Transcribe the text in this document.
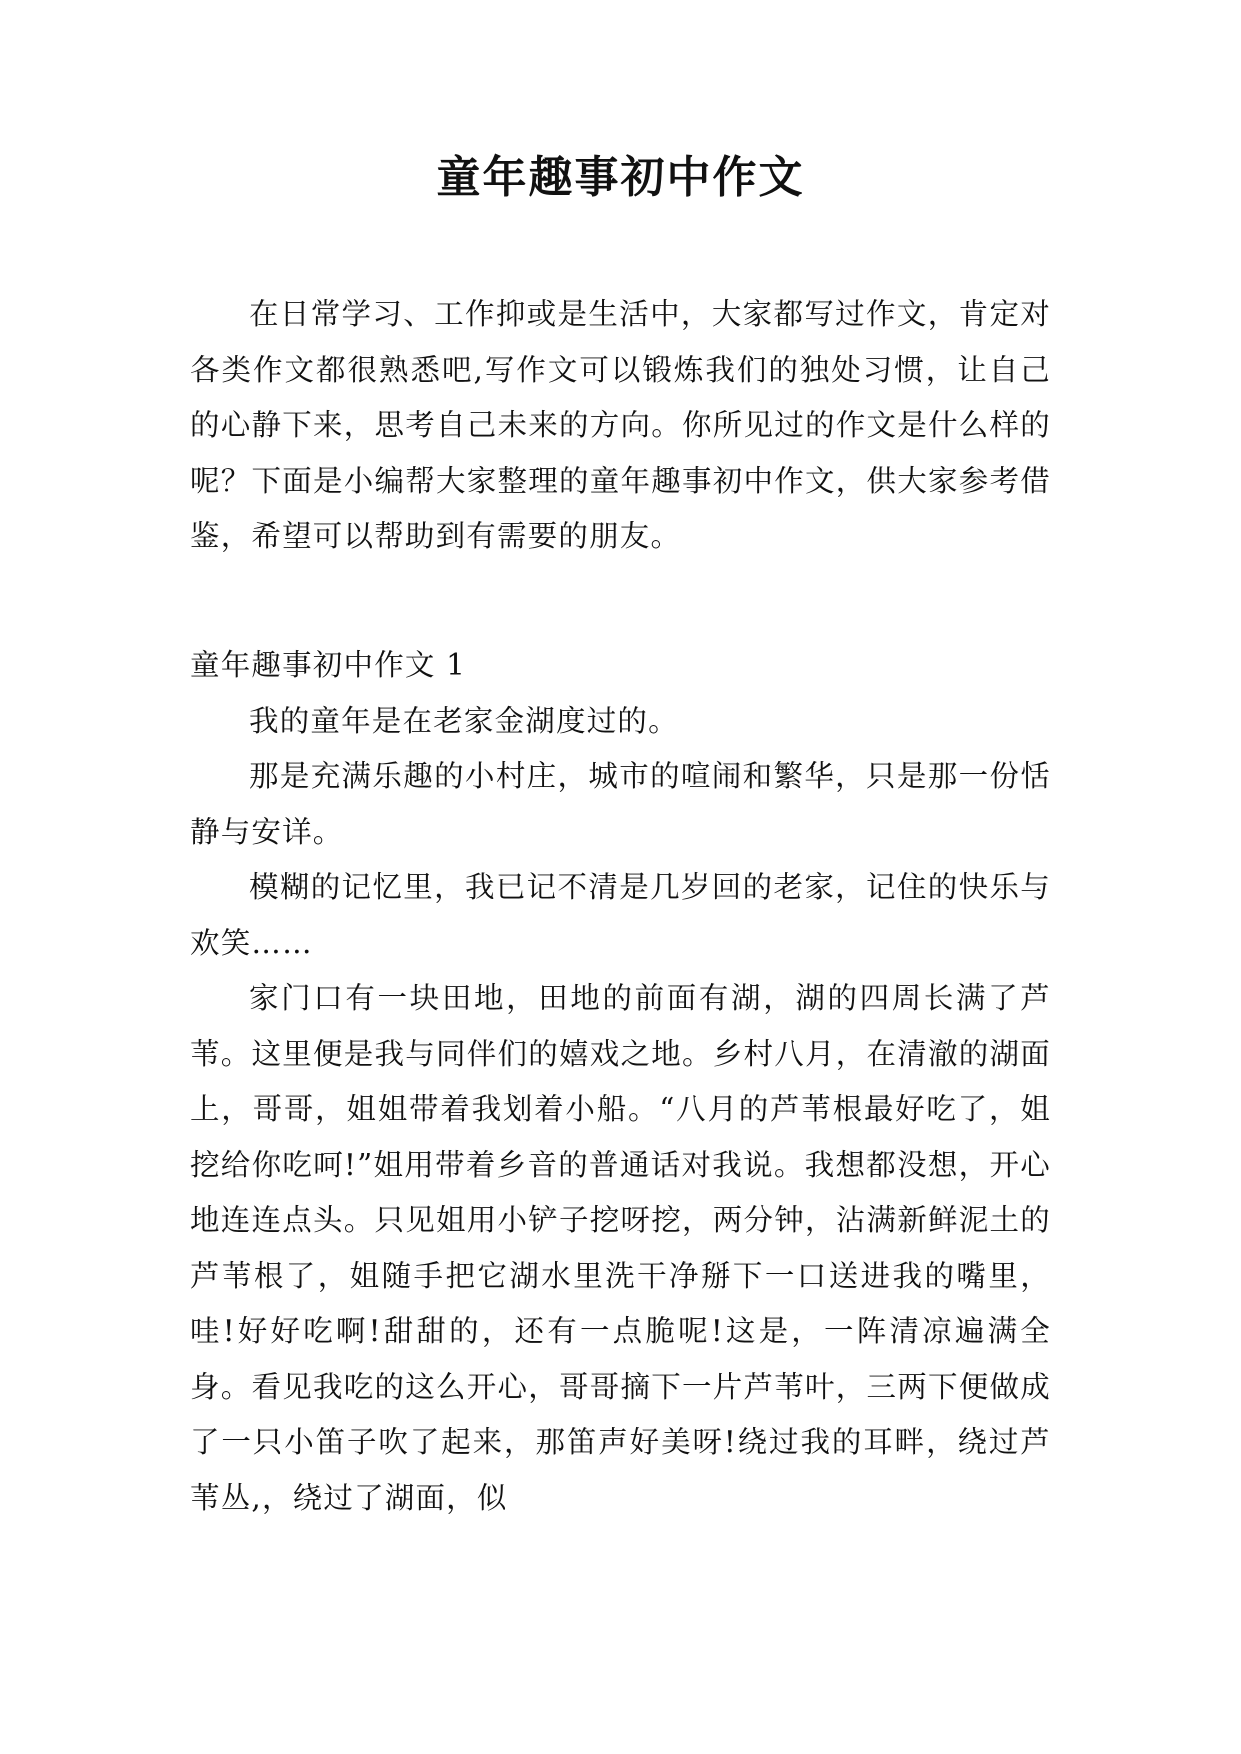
童年趣事初中作文

在日常学习、工作抑或是生活中，大家都写过作文，肯定对各类作文都很熟悉吧,写作文可以锻炼我们的独处习惯，让自己的心静下来，思考自己未来的方向。你所见过的作文是什么样的呢？下面是小编帮大家整理的童年趣事初中作文，供大家参考借鉴，希望可以帮助到有需要的朋友。

童年趣事初中作文 1

我的童年是在老家金湖度过的。

那是充满乐趣的小村庄，城市的喧闹和繁华，只是那一份恬静与安详。

模糊的记忆里，我已记不清是几岁回的老家，记住的快乐与欢笑……

家门口有一块田地，田地的前面有湖，湖的四周长满了芦苇。这里便是我与同伴们的嬉戏之地。乡村八月，在清澈的湖面上，哥哥，姐姐带着我划着小船。“八月的芦苇根最好吃了，姐挖给你吃呵!”姐用带着乡音的普通话对我说。我想都没想，开心地连连点头。只见姐用小铲子挖呀挖，两分钟，沾满新鲜泥土的芦苇根了，姐随手把它湖水里洗干净掰下一口送进我的嘴里，哇!好好吃啊!甜甜的，还有一点脆呢!这是，一阵清凉遍满全身。看见我吃的这么开心，哥哥摘下一片芦苇叶，三两下便做成了一只小笛子吹了起来，那笛声好美呀!绕过我的耳畔，绕过芦苇丛,，绕过了湖面，似
